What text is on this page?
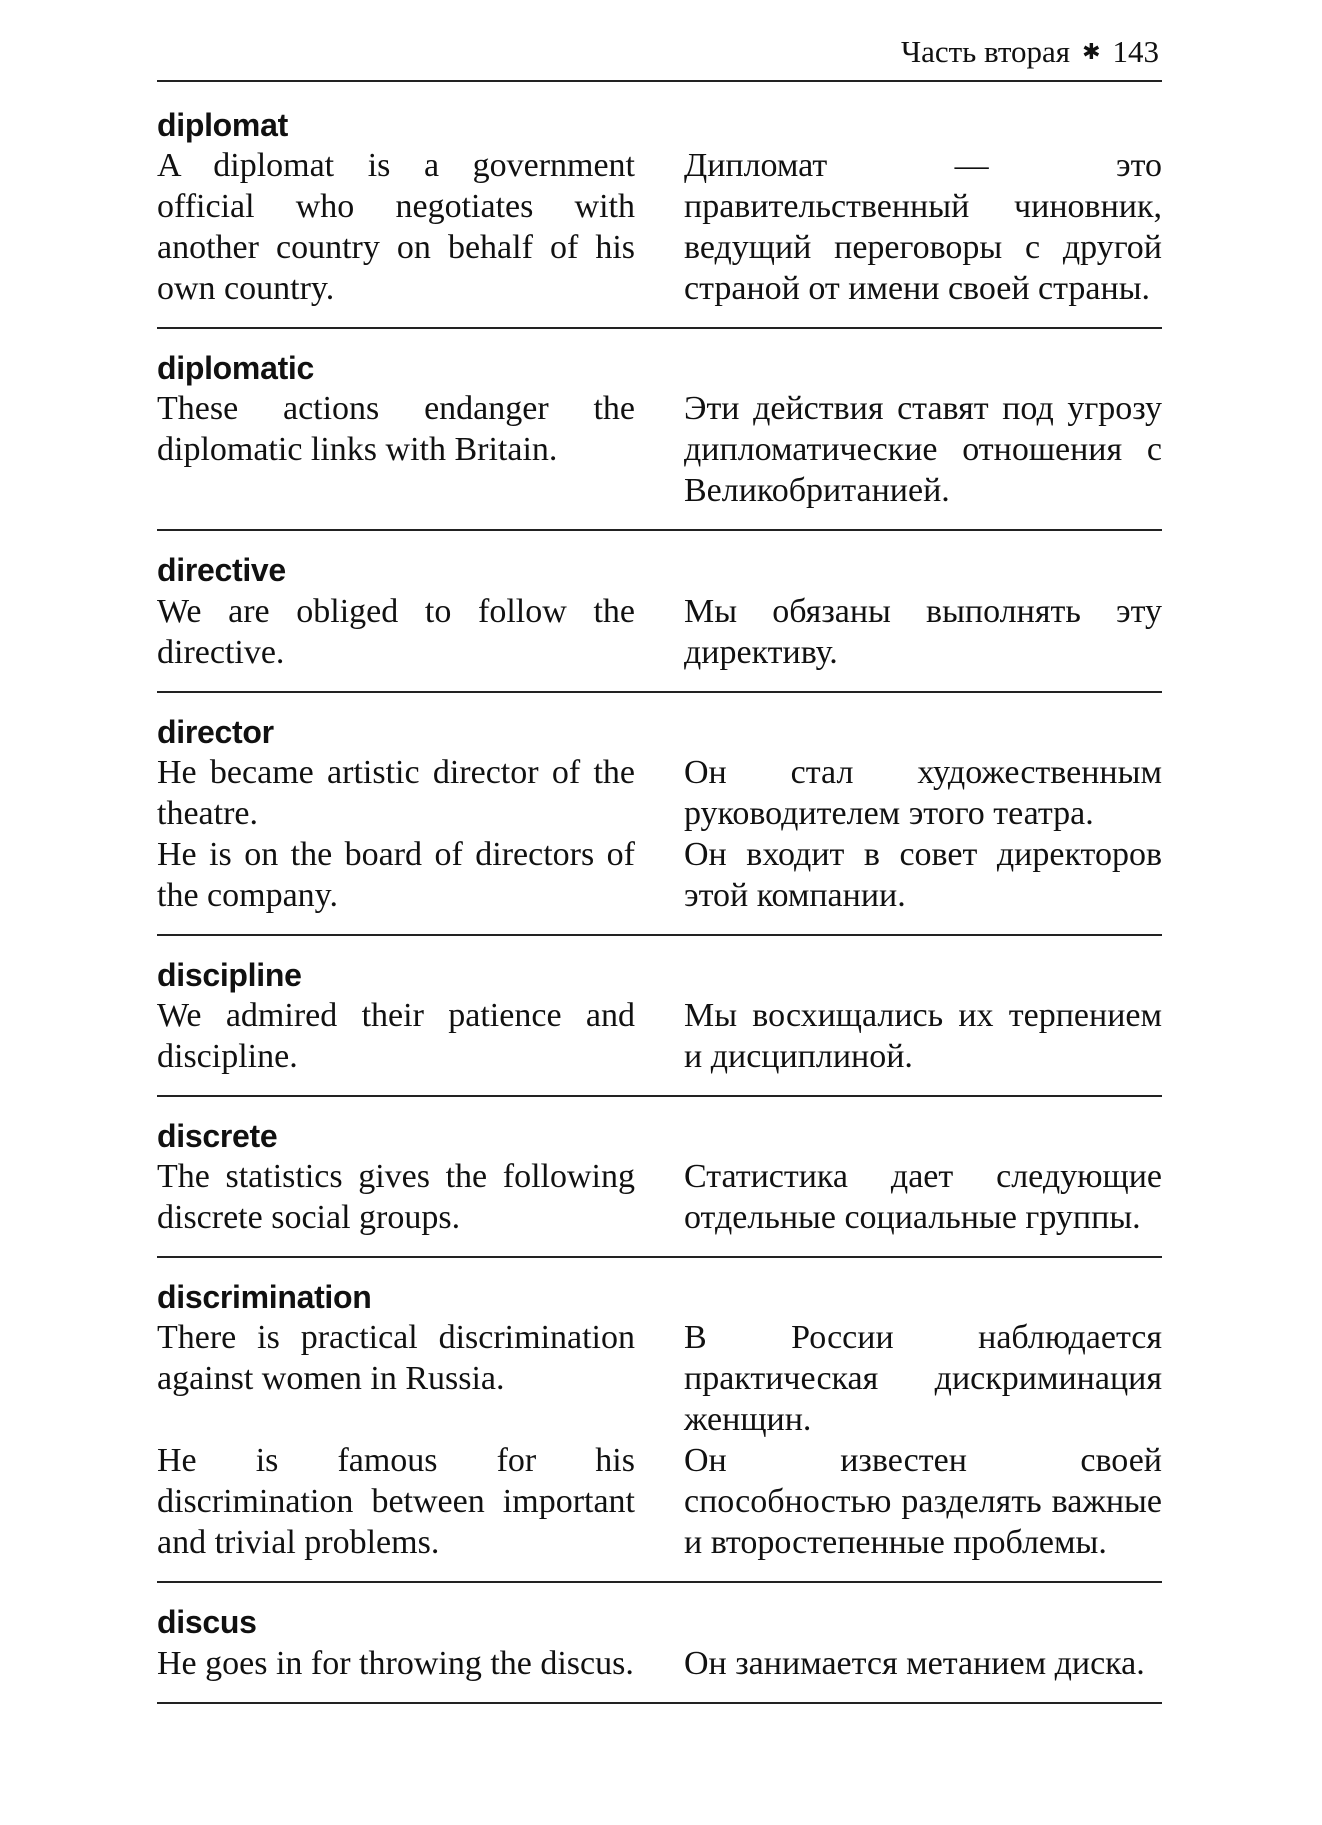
Часть вторая ✱ 143
diplomat
A diplomat is a government official who negotiates with another country on behalf of his own country.
Дипломат — это правительственный чиновник, ведущий переговоры с другой страной от имени своей страны.
diplomatic
These actions endanger the diplomatic links with Britain.
Эти действия ставят под угрозу дипломатические отношения с Великобританией.
directive
We are obliged to follow the directive.
Мы обязаны выполнять эту директиву.
director
He became artistic director of the theatre.
Он стал художественным руководителем этого театра.
He is on the board of directors of the company.
Он входит в совет директоров этой компании.
discipline
We admired their patience and discipline.
Мы восхищались их терпением и дисциплиной.
discrete
The statistics gives the following discrete social groups.
Статистика дает следующие отдельные социальные группы.
discrimination
There is practical discrimination against women in Russia.
В России наблюдается практическая дискриминация женщин.
He is famous for his discrimination between important and trivial problems.
Он известен своей способностью разделять важные и второстепенные проблемы.
discus
He goes in for throwing the discus. Он занимается метанием диска.
